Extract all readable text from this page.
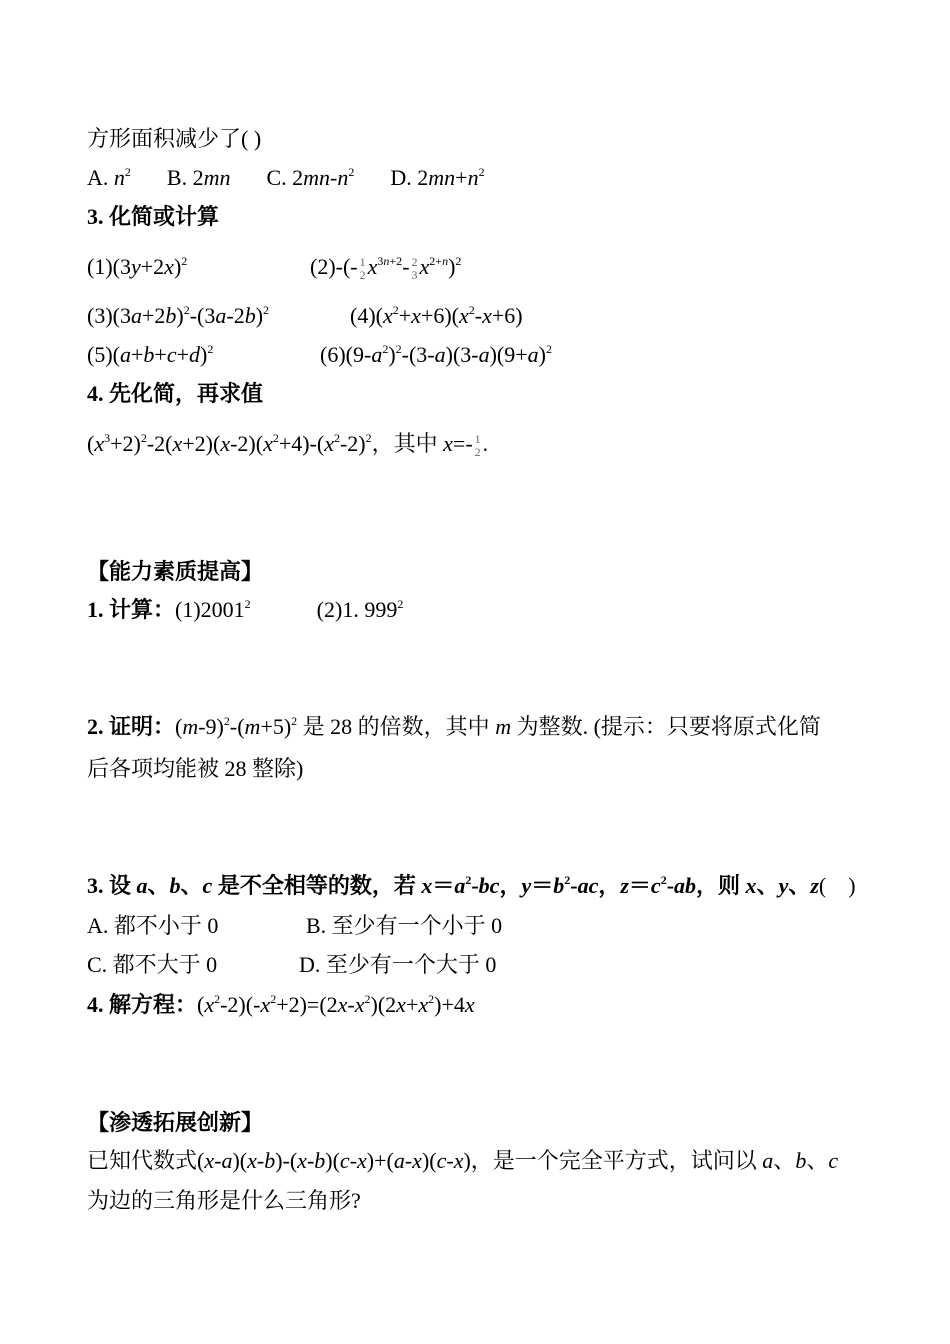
方形面积减少了( )
A. $n^2$ B. 2mn C. $2mn-n^2$ D. $2mn+n^2$
3. 化简或计算
$(1)(3y+2x)^2$	(2)-(- 1
2 $x^{3n+2}-$ 2
3 $x^{2+n})^2$
$(3)(3a+2b)^2-(3a-2b)^2$	$(4)(x^2+x+6)(x^2-x+6)$
$(5)(a+b+c+d)^2$	$(6)(9-a^2)^2-(3-a)(3-a)(9+a)^2$
4. 先化简，再求值
$(x^3+2)^2-2(x+2)(x-2)(x^2+4)-(x^2-2)^2$，其中 x=- 1
2 .
【能力素质提高】
1. 计算：(1)2001$^2$	(2)1. $999^2$
2. 证明：$(m-9)^2-(m+5)^2$ 是 28 的倍数，其中 m 为整数. (提示：只要将原式化简
后各项均能被 28 整除)
3. 设 a、b、c 是不全相等的数，若 $x=a^2-bc$，$y=b^2-ac$，$z=c^2-ab$，则 x、y、z(    )
A. 都不小于 0	B. 至少有一个小于 0
C. 都不大于 0	D. 至少有一个大于 0
4. 解方程：$(x^2-2)(-x^2+2)=(2x-x^2)(2x+x^2)+4x$
【渗透拓展创新】
已知代数式(x-a)(x-b)-(x-b)(c-x)+(a-x)(c-x)，是一个完全平方式，试问以 a、b、c
为边的三角形是什么三角形?
